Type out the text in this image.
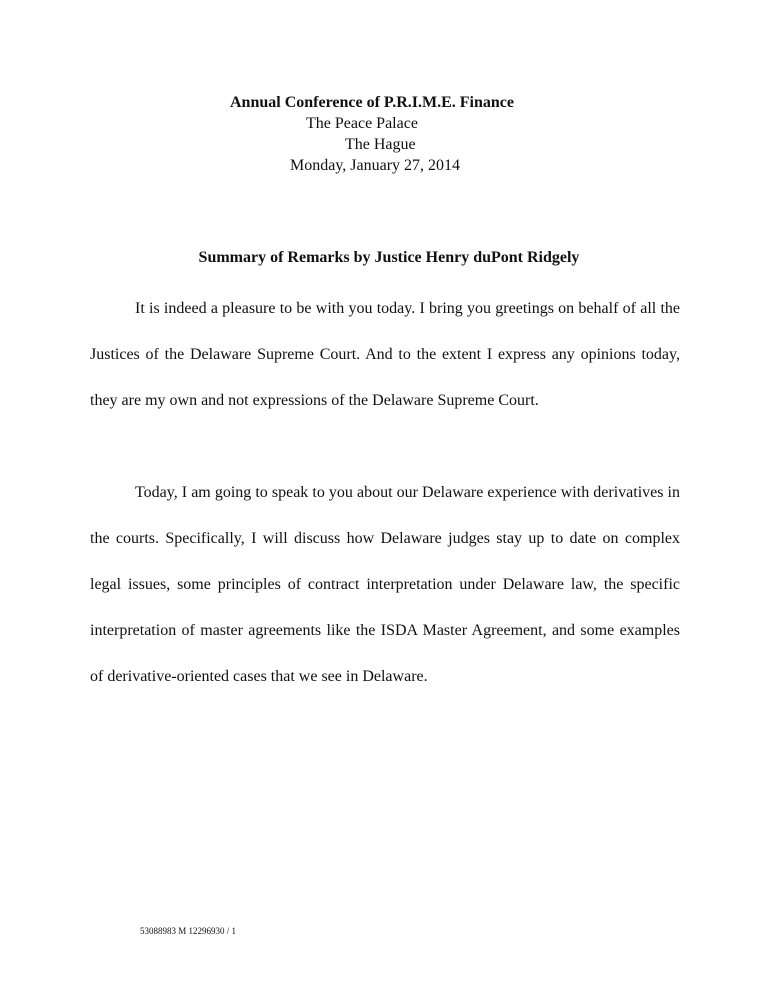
Annual Conference of P.R.I.M.E. Finance
The Peace Palace
The Hague
Monday, January 27, 2014
Summary of Remarks by Justice Henry duPont Ridgely

It is indeed a pleasure to be with you today. I bring you greetings on behalf of all the Justices of the Delaware Supreme Court. And to the extent I express any opinions today, they are my own and not expressions of the Delaware Supreme Court.

Today, I am going to speak to you about our Delaware experience with derivatives in the courts. Specifically, I will discuss how Delaware judges stay up to date on complex legal issues, some principles of contract interpretation under Delaware law, the specific interpretation of master agreements like the ISDA Master Agreement, and some examples of derivative-oriented cases that we see in Delaware.

53088983 M 12296930 / 1
